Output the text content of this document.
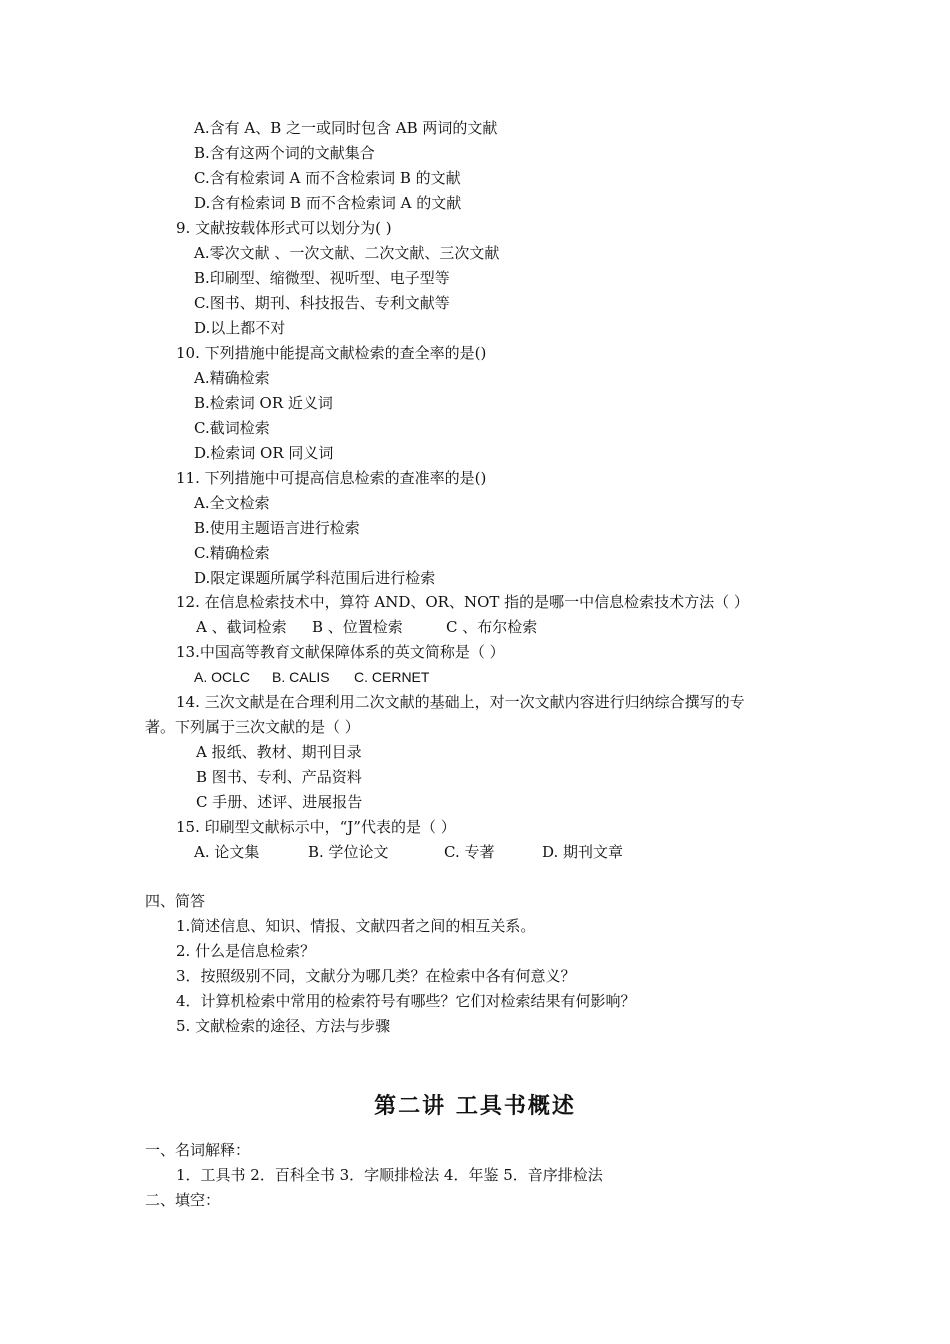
A.含有 A、B 之一或同时包含 AB 两词的文献
B.含有这两个词的文献集合
C.含有检索词 A 而不含检索词 B 的文献
D.含有检索词 B 而不含检索词 A 的文献
9. 文献按载体形式可以划分为( )
A.零次文献 、一次文献、二次文献、三次文献
B.印刷型、缩微型、视听型、电子型等
C.图书、期刊、科技报告、专利文献等
D.以上都不对
10. 下列措施中能提高文献检索的查全率的是()
A.精确检索
B.检索词 OR 近义词
C.截词检索
D.检索词 OR 同义词
11. 下列措施中可提高信息检索的查准率的是()
A.全文检索
B.使用主题语言进行检索
C.精确检索
D.限定课题所属学科范围后进行检索
12. 在信息检索技术中，算符 AND、OR、NOT 指的是哪一中信息检索技术方法（ ）
A 、截词检索 B 、位置检索	C 、布尔检索
13.中国高等教育文献保障体系的英文简称是（ ）
A. OCLC B. CALIS C. CERNET
14. 三次文献是在合理利用二次文献的基础上，对一次文献内容进行归纳综合撰写的专
著。下列属于三次文献的是（ ）
A 报纸、教材、期刊目录
B 图书、专利、产品资料
C 手册、述评、进展报告
15. 印刷型文献标示中，“J”代表的是（ ）
A. 论文集	B. 学位论文	C. 专著	D. 期刊文章
四、简答
1.简述信息、知识、情报、文献四者之间的相互关系。
2. 什么是信息检索？
3．按照级别不同，文献分为哪几类？在检索中各有何意义？
4．计算机检索中常用的检索符号有哪些？它们对检索结果有何影响？
5. 文献检索的途径、方法与步骤
第二讲 工具书概述
一、名词解释：
1．工具书 2．百科全书 3．字顺排检法 4．年鉴 5．音序排检法
二、填空：
